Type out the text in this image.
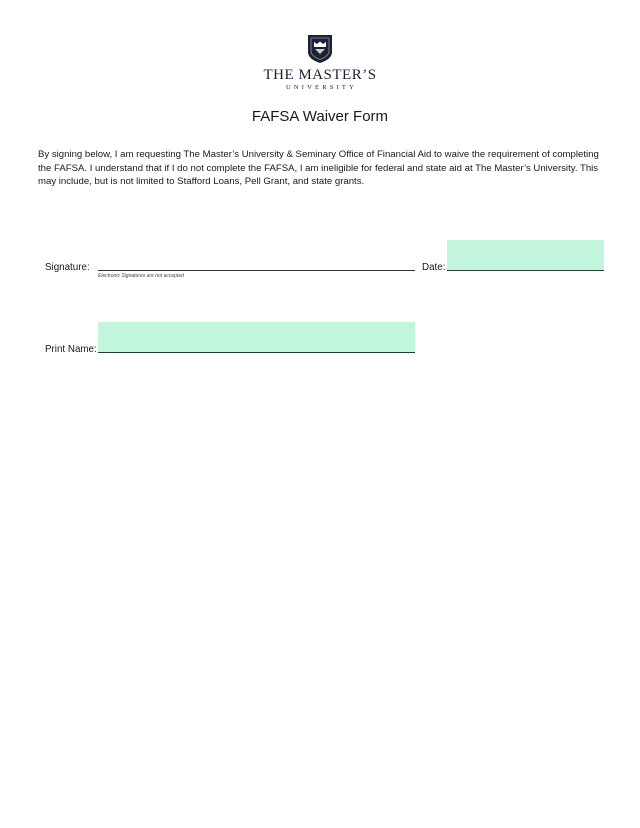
THE MASTER’S
UNIVERSITY
FAFSA Waiver Form

By signing below, I am requesting The Master’s University & Seminary Office of Financial Aid to waive the requirement of completing the FAFSA. I understand that if I do not complete the FAFSA, I am ineligible for federal and state aid at The Master’s University. This may include, but is not limited to Stafford Loans, Pell Grant, and state grants.

Signature:
Electronic Signatures are not accepted
Date:
Print Name:
